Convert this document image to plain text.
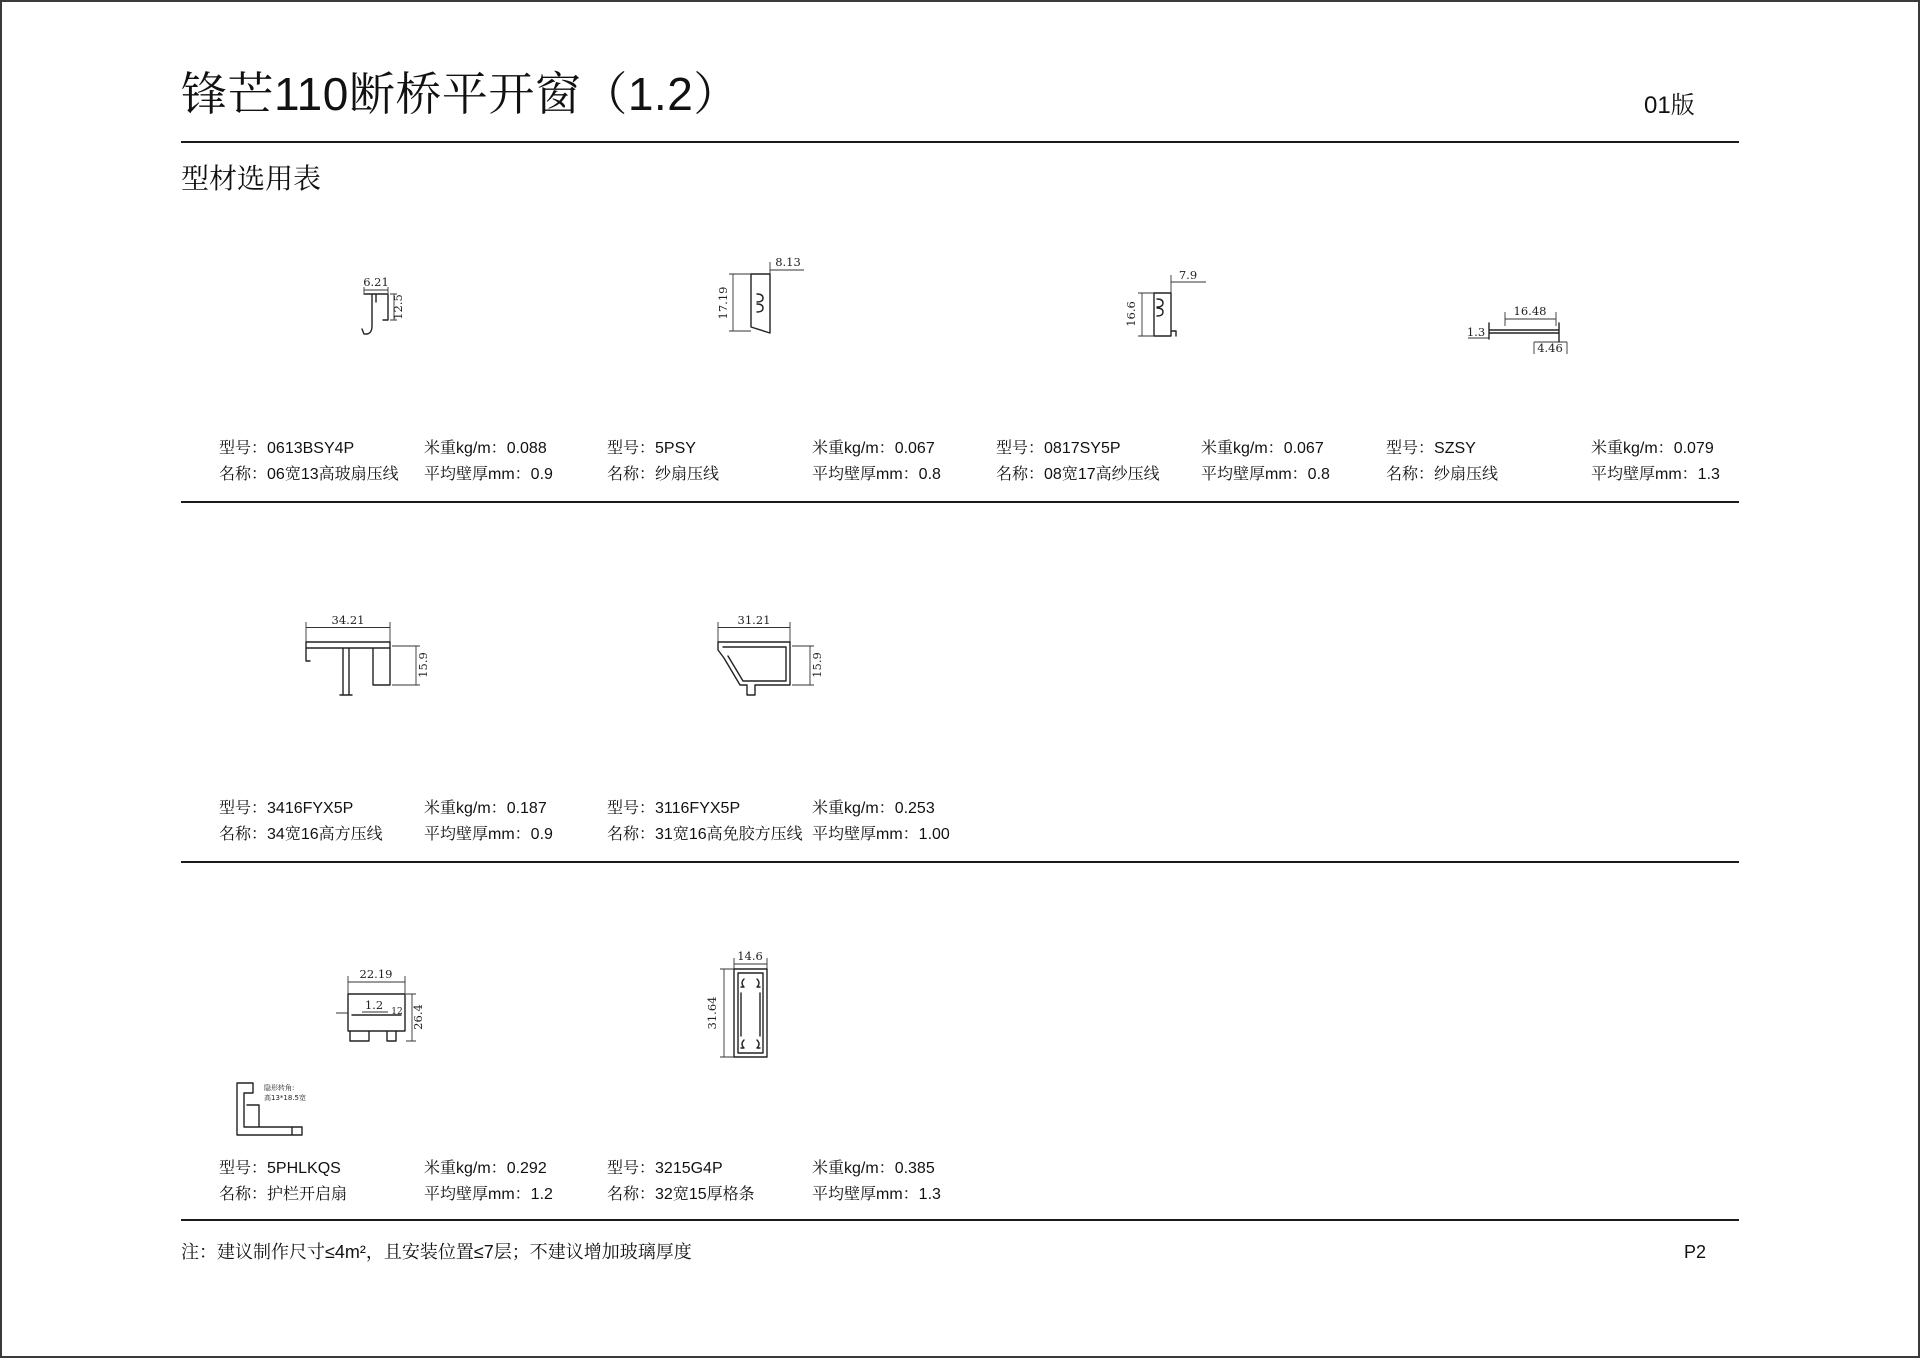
锋芒110断桥平开窗（1.2）	01版
型材选用表
6.21
12.5
8.13
17.19
7.9
16.6	16.48
1.3
4.46
型号：0613BSY4P	米重kg/m：0.088
名称：06宽13高玻扇压线 平均壁厚mm：0.9
型号：5PSY	米重kg/m：0.067
名称：纱扇压线	平均壁厚mm：0.8
型号：0817SY5P	米重kg/m：0.067
名称：08宽17高纱压线	平均壁厚mm：0.8
型号：SZSY	米重kg/m：0.079
名称：纱扇压线	平均壁厚mm：1.3
34.21
15.9
31.21
15.9
型号：3416FYX5P	米重kg/m：0.187
名称：34宽16高方压线	平均壁厚mm：0.9
型号：3116FYX5P	米重kg/m：0.253
名称：31宽16高免胶方压线 平均壁厚mm：1.00
22.19
1.2 12 26.4
隐形转角:
高13*18.5宽
14.6
31.64
型号：5PHLKQS	米重kg/m：0.292
名称：护栏开启扇	平均壁厚mm：1.2
型号：3215G4P	米重kg/m：0.385
名称：32宽15厚格条	平均壁厚mm：1.3
注：建议制作尺寸≤4m²，且安装位置≤7层；不建议增加玻璃厚度	P2
